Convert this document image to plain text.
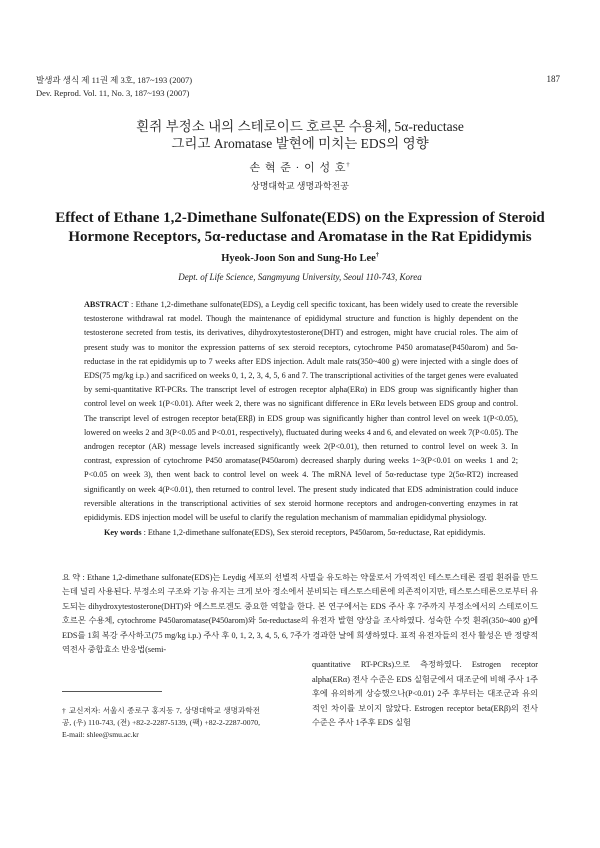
발생과 생식 제 11권 제 3호, 187~193 (2007)
Dev. Reprod. Vol. 11, No. 3, 187~193 (2007)
187
흰쥐 부정소 내의 스테로이드 호르몬 수용체, 5α-reductase
그리고 Aromatase 발현에 미치는 EDS의 영향
손 혁 준 · 이 성 호†
상명대학교 생명과학전공
Effect of Ethane 1,2-Dimethane Sulfonate(EDS) on the Expression of Steroid
Hormone Receptors, 5α-reductase and Aromatase in the Rat Epididymis
Hyeok-Joon Son and Sung-Ho Lee†
Dept. of Life Science, Sangmyung University, Seoul 110-743, Korea

ABSTRACT : Ethane 1,2-dimethane sulfonate(EDS), a Leydig cell specific toxicant, has been widely used to create the reversible testosterone withdrawal rat model. Though the maintenance of epididymal structure and function is highly dependent on the testosterone secreted from testis, its derivatives, dihydroxytestosterone(DHT) and estrogen, might have crucial roles. The aim of present study was to monitor the expression patterns of sex steroid receptors, cytochrome P450 aromatase(P450arom) and 5α-reductase in the rat epididymis up to 7 weeks after EDS injection. Adult male rats(350~400 g) were injected with a single does of EDS(75 mg/kg i.p.) and sacrificed on weeks 0, 1, 2, 3, 4, 5, 6 and 7. The transcriptional activities of the target genes were evaluated by semi-quantitative RT-PCRs. The transcript level of estrogen receptor alpha(ERα) in EDS group was significantly higher than control level on week 1(P<0.01). After week 2, there was no significant difference in ERα levels between EDS group and control. The transcript level of estrogen receptor beta(ERβ) in EDS group was significantly higher than control level on week 1(P<0.05), lowered on weeks 2 and 3(P<0.05 and P<0.01, respectively), fluctuated during weeks 4 and 6, and elevated on week 7(P<0.05). The androgen receptor (AR) message levels increased significantly week 2(P<0.01), then returned to control level on week 3. In contrast, expression of cytochrome P450 aromatase(P450arom) decreased sharply during weeks 1~3(P<0.01 on weeks 1 and 2; P<0.05 on week 3), then went back to control level on week 4. The mRNA level of 5α-reductase type 2(5α-RT2) increased significantly on week 4(P<0.01), then returned to control level. The present study indicated that EDS administration could induce reversible alterations in the transcriptional activities of sex steroid hormone receptors and androgen-converting enzymes in rat epididymis. EDS injection model will be useful to clarify the regulation mechanism of mammalian epididymal physiology.

Key words : Ethane 1,2-dimethane sulfonate(EDS), Sex steroid receptors, P450arom, 5α-reductase, Rat epididymis.

요 약 : Ethane 1,2-dimethane sulfonate(EDS)는 Leydig 세포의 선별적 사멸을 유도하는 약물로서 가역적인 테스토스테론 결핍 흰쥐를 만드는데 널리 사용된다. 부정소의 구조와 기능 유지는 크게 보아 정소에서 분비되는 테스토스테론에 의존적이지만, 테스토스테론으로부터 유도되는 dihydroxytestosterone(DHT)와 에스트로겐도 중요한 역할을 한다. 본 연구에서는 EDS 주사 후 7주까지 부정소에서의 스테로이드 호르몬 수용체, cytochrome P450aromatase(P450arom)와 5α-reductase의 유전자 발현 양상을 조사하였다. 성숙한 수컷 흰쥐(350~400 g)에 EDS를 1회 복강 주사하고(75 mg/kg i.p.) 주사 후 0, 1, 2, 3, 4, 5, 6, 7주가 경과한 날에 희생하였다. 표적 유전자들의 전사 활성은 반 정량적 역전사 중합효소 반응법(semi-

quantitative RT-PCRs)으로 측정하였다. Estrogen receptor alpha(ERα) 전사 수준은 EDS 실험군에서 대조군에 비해 주사 1주후에 유의하게 상승했으나(P<0.01) 2주 후부터는 대조군과 유의적인 차이를 보이지 않았다. Estrogen receptor beta(ERβ)의 전사 수준은 주사 1주후 EDS 실험

† 교신저자: 서울시 종로구 홍지동 7, 상명대학교 생명과학전공, (우) 110-743, (전) +82-2-2287-5139, (팩) +82-2-2287-0070, E-mail: shlee@smu.ac.kr
